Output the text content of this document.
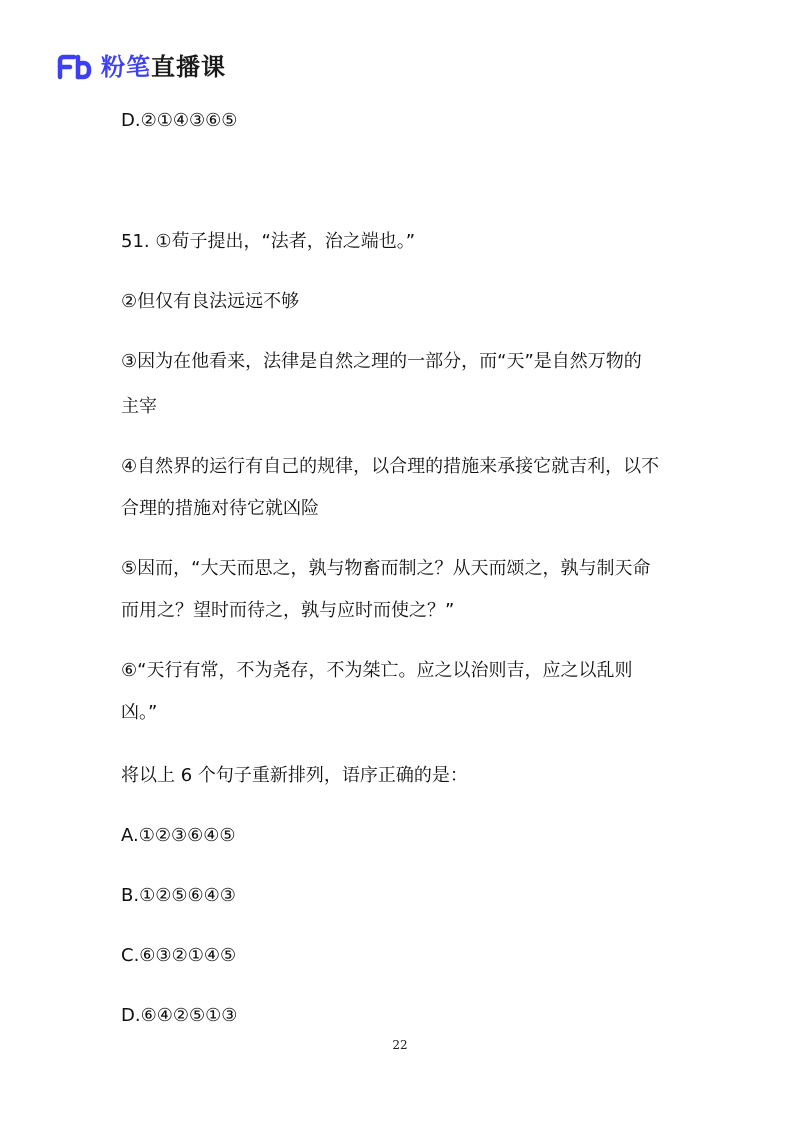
粉笔直播课
D.②①④③⑥⑤
51. ①荀子提出，“法者，治之端也。”
②但仅有良法远远不够
③因为在他看来，法律是自然之理的一部分，而“天”是自然万物的
主宰
④自然界的运行有自己的规律，以合理的措施来承接它就吉利，以不
合理的措施对待它就凶险
⑤因而，“大天而思之，孰与物畜而制之？从天而颂之，孰与制天命
而用之？望时而待之，孰与应时而使之？”
⑥“天行有常，不为尧存，不为桀亡。应之以治则吉，应之以乱则
凶。”
将以上 6 个句子重新排列，语序正确的是：
A.①②③⑥④⑤
B.①②⑤⑥④③
C.⑥③②①④⑤
D.⑥④②⑤①③
22
